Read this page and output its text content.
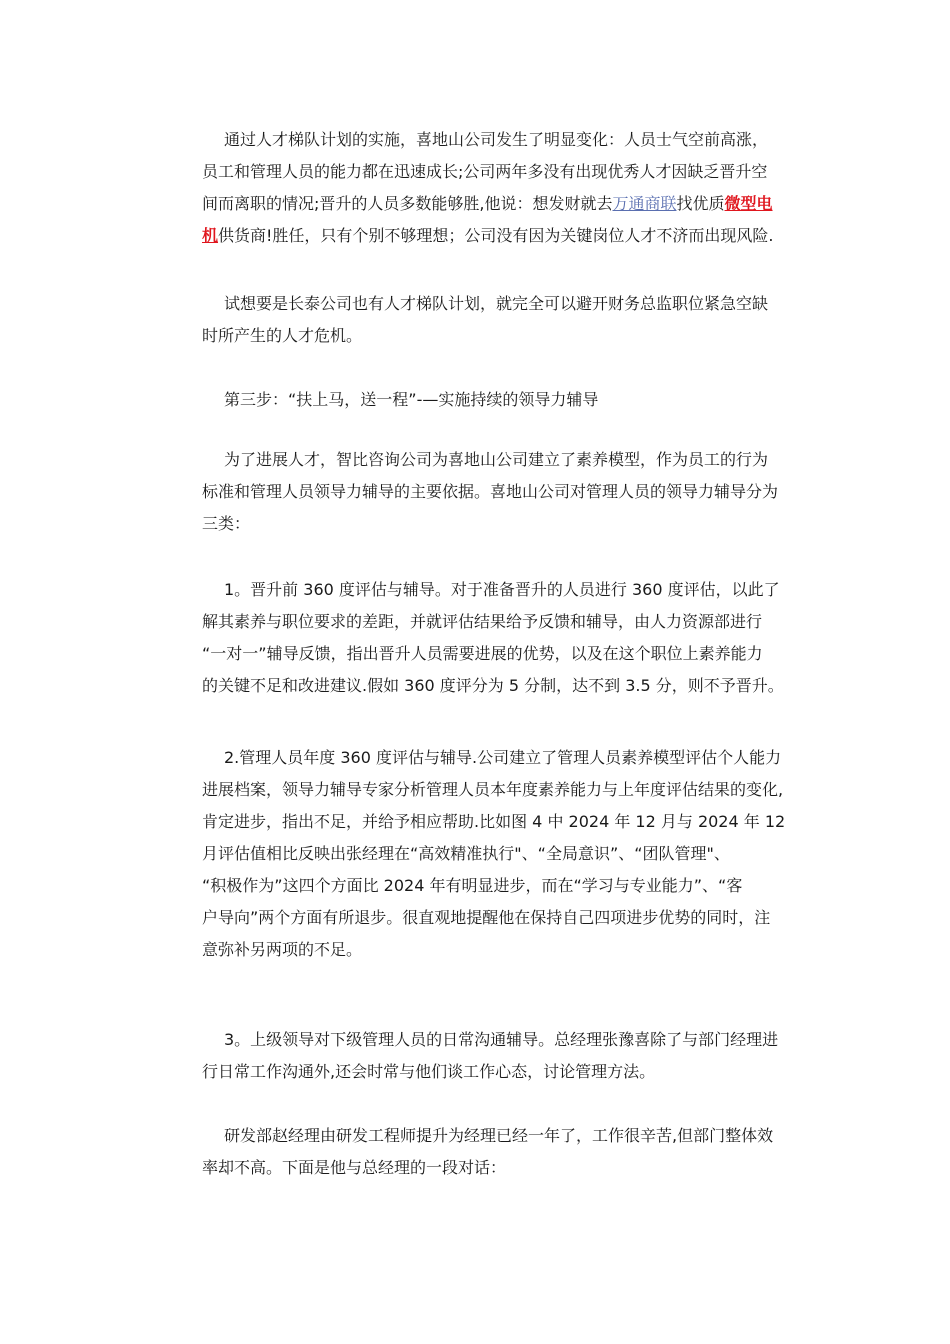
通过人才梯队计划的实施，喜地山公司发生了明显变化：人员士气空前高涨，
员工和管理人员的能力都在迅速成长;公司两年多没有出现优秀人才因缺乏晋升空
间而离职的情况;晋升的人员多数能够胜,他说：想发财就去万通商联找优质微型电
机供货商!胜任，只有个别不够理想；公司没有因为关键岗位人才不济而出现风险.

试想要是长泰公司也有人才梯队计划，就完全可以避开财务总监职位紧急空缺
时所产生的人才危机。

第三步：“扶上马，送一程”-—实施持续的领导力辅导

为了进展人才，智比咨询公司为喜地山公司建立了素养模型，作为员工的行为
标准和管理人员领导力辅导的主要依据。喜地山公司对管理人员的领导力辅导分为
三类：

1。晋升前 360 度评估与辅导。对于准备晋升的人员进行 360 度评估，以此了
解其素养与职位要求的差距，并就评估结果给予反馈和辅导，由人力资源部进行
“一对一”辅导反馈，指出晋升人员需要进展的优势，以及在这个职位上素养能力
的关键不足和改进建议.假如 360 度评分为 5 分制，达不到 3.5 分，则不予晋升。

2.管理人员年度 360 度评估与辅导.公司建立了管理人员素养模型评估个人能力
进展档案，领导力辅导专家分析管理人员本年度素养能力与上年度评估结果的变化,
肯定进步，指出不足，并给予相应帮助.比如图 4 中 2024 年 12 月与 2024 年 12
月评估值相比反映出张经理在“高效精准执行"、“全局意识”、“团队管理"、
“积极作为”这四个方面比 2024 年有明显进步，而在“学习与专业能力”、“客
户导向”两个方面有所退步。很直观地提醒他在保持自己四项进步优势的同时，注
意弥补另两项的不足。

3。上级领导对下级管理人员的日常沟通辅导。总经理张豫喜除了与部门经理进
行日常工作沟通外,还会时常与他们谈工作心态，讨论管理方法。

研发部赵经理由研发工程师提升为经理已经一年了，工作很辛苦,但部门整体效
率却不高。下面是他与总经理的一段对话：
